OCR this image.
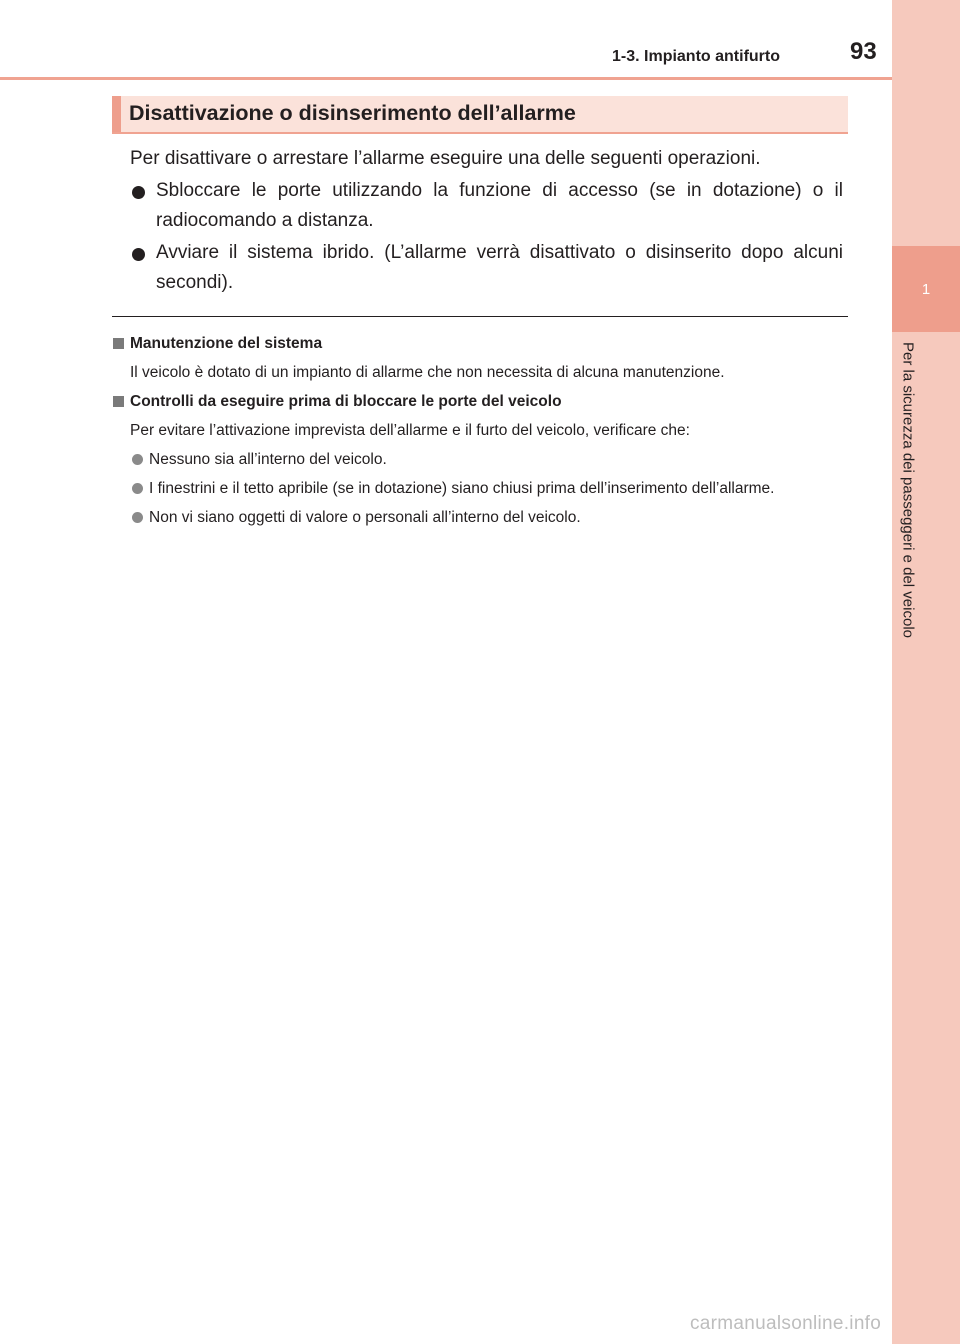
1
Per la sicurezza dei passeggeri e del veicolo
1-3. Impianto antifurto	93
Disattivazione o disinserimento dell’allarme

Per disattivare o arrestare l’allarme eseguire una delle seguenti operazioni.

Sbloccare le porte utilizzando la funzione di accesso (se in dotazione) o il radiocomando a distanza.
Avviare il sistema ibrido. (L’allarme verrà disattivato o disinserito dopo alcuni secondi).
Manutenzione del sistema
Il veicolo è dotato di un impianto di allarme che non necessita di alcuna manutenzione.
Controlli da eseguire prima di bloccare le porte del veicolo
Per evitare l’attivazione imprevista dell’allarme e il furto del veicolo, verificare che:
Nessuno sia all’interno del veicolo.
I finestrini e il tetto apribile (se in dotazione) siano chiusi prima dell’inserimento dell’allarme.
Non vi siano oggetti di valore o personali all’interno del veicolo.
carmanualsonline.info
